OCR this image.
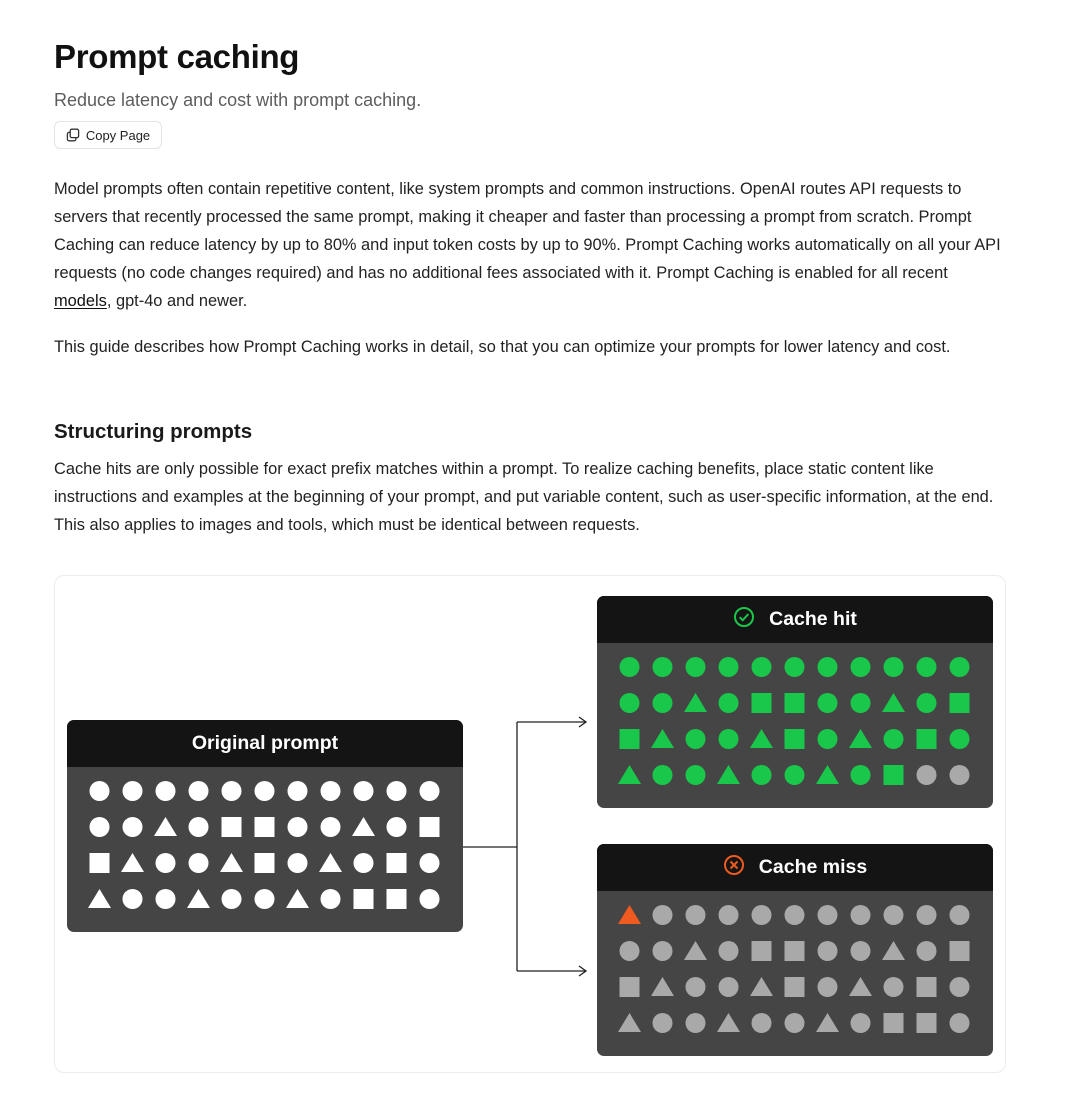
Prompt caching

Reduce latency and cost with prompt caching.

Copy Page

Model prompts often contain repetitive content, like system prompts and common instructions. OpenAI routes API requests to servers that recently processed the same prompt, making it cheaper and faster than processing a prompt from scratch. Prompt Caching can reduce latency by up to 80% and input token costs by up to 90%. Prompt Caching works automatically on all your API requests (no code changes required) and has no additional fees associated with it. Prompt Caching is enabled for all recent models, gpt-4o and newer.

This guide describes how Prompt Caching works in detail, so that you can optimize your prompts for lower latency and cost.

Structuring prompts

Cache hits are only possible for exact prefix matches within a prompt. To realize caching benefits, place static content like instructions and examples at the beginning of your prompt, and put variable content, such as user-specific information, at the end. This also applies to images and tools, which must be identical between requests.

Original prompt
Cache hit
Cache miss
